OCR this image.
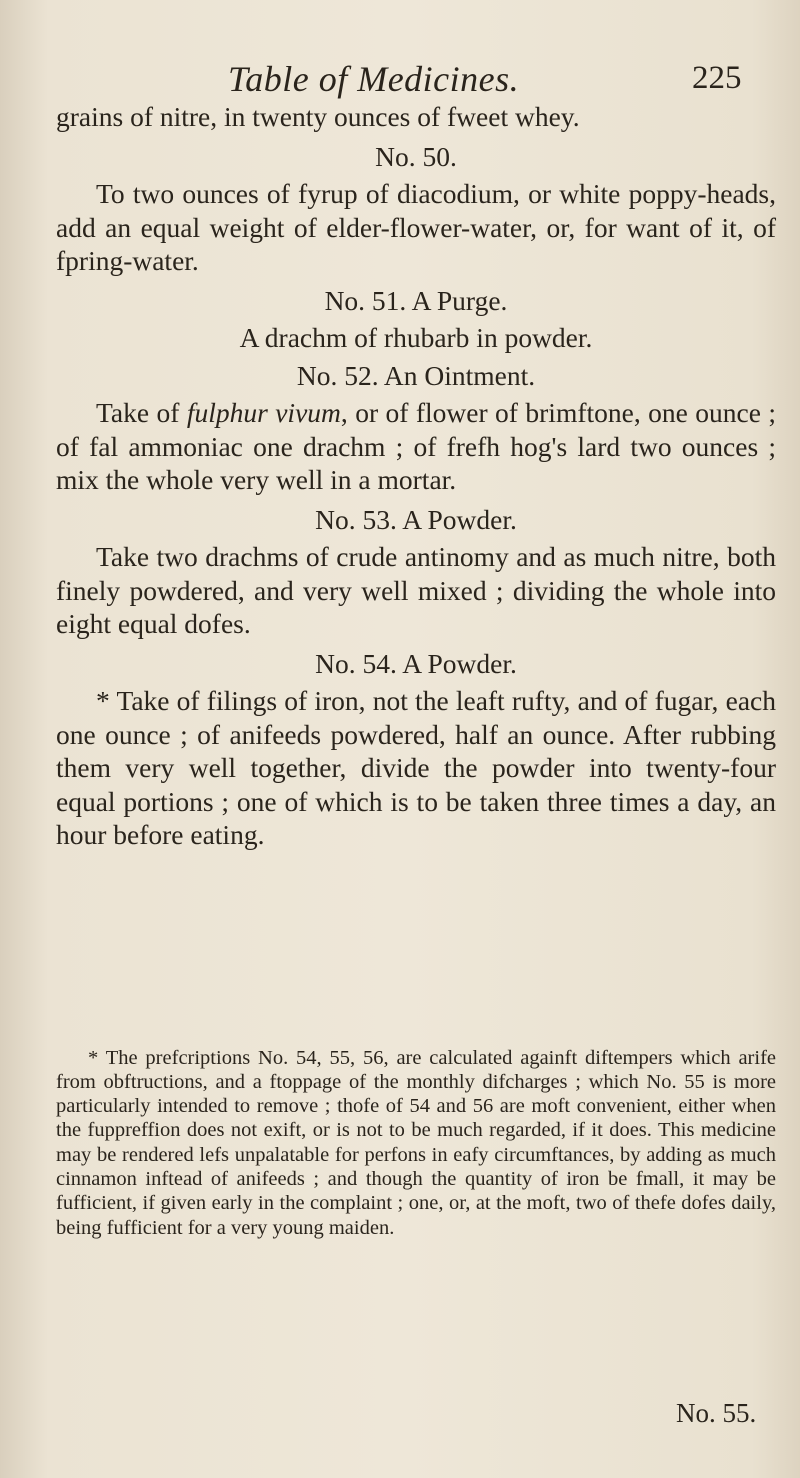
Table of Medicines.	225

grains of nitre, in twenty ounces of fweet whey.

No. 50.

To two ounces of fyrup of diacodium, or white poppy-heads, add an equal weight of elder-flower-water, or, for want of it, of fpring-water.

No. 51. A Purge.

A drachm of rhubarb in powder.

No. 52. An Ointment.

Take of fulphur vivum, or of flower of brimftone, one ounce ; of fal ammoniac one drachm ; of frefh hog's lard two ounces ; mix the whole very well in a mortar.

No. 53. A Powder.

Take two drachms of crude antinomy and as much nitre, both finely powdered, and very well mixed ; dividing the whole into eight equal dofes.

No. 54. A Powder.

* Take of filings of iron, not the leaft rufty, and of fugar, each one ounce ; of anifeeds powdered, half an ounce. After rubbing them very well together, divide the powder into twenty-four equal portions ; one of which is to be taken three times a day, an hour before eating.

* The prefcriptions No. 54, 55, 56, are calculated againft diftempers which arife from obftructions, and a ftoppage of the monthly difcharges ; which No. 55 is more particularly intended to remove ; thofe of 54 and 56 are moft convenient, either when the fuppreffion does not exift, or is not to be much regarded, if it does. This medicine may be rendered lefs unpalatable for perfons in eafy circumftances, by adding as much cinnamon inftead of anifeeds ; and though the quantity of iron be fmall, it may be fufficient, if given early in the complaint ; one, or, at the moft, two of thefe dofes daily, being fufficient for a very young maiden.

No. 55.
